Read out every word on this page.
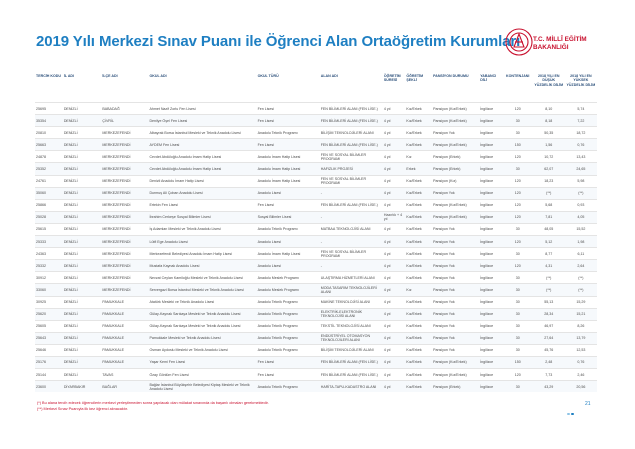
2019 Yılı Merkezi Sınav Puanı ile Öğrenci Alan Ortaöğretim Kurumları T.C. MİLLÎ EĞİTİM
BAKANLIĞI
TERCİH KODU	İL ADI	İLÇE ADI	OKUL ADI	OKUL TÜRÜ	ALAN ADI	ÖĞRETİM SÜRESİ	ÖĞRETİM ŞEKLİ	PANSİYON DURUMU	YABANCI DİLİ	KONTENJANI	2018 YILI EN DÜŞÜK YÜZDELİK DİLİM	2018 YILI EN YÜKSEK YÜZDELİK DİLİM
25695	DENİZLİ	BABADAĞ	Ahmet Nazif Zorlu Fen Lisesi	Fen Lisesi	FEN BİLİMLERİ ALANI (FEN LİSE.)	4 yıl	Kız/Erkek	Pansiyon (Kız/Erkek)	İngilizce	120	8,10	5,74
35354	DENİZLİ	ÇİVRİL	Denilye Öşel Fen Lisesi	Fen Lisesi	FEN BİLİMLERİ ALANI (FEN LİSE.)	4 yıl	Kız/Erkek	Pansiyon (Kız/Erkek)	İngilizce	30	8,18	7,22
20810	DENİZLİ	MERKEZEFENDİ	Albayrak Borsa İstanbul Mesleki ve Teknik Anadolu Lisesi	Anadolu Teknik Programı	BİLİŞİM TEKNOLOJİLERİ ALANI	4 yıl	Kız/Erkek	Pansiyon Yok	İngilizce	30	50,35	18,72
25663	DENİZLİ	MERKEZEFENDİ	AYDEM Fen Lisesi	Fen Lisesi	FEN BİLİMLERİ ALANI (FEN LİSE.)	4 yıl	Kız/Erkek	Pansiyon (Kız/Erkek)	İngilizce	150	1,56	0,76
24878	DENİZLİ	MERKEZEFENDİ	Cevdet Abdüloğlu Anadolu İmam Hatip Lisesi	Anadolu İmam Hatip Lisesi	FEN VE SOSYAL BİLİMLER PROGRAMI	4 yıl	Kız	Pansiyon (Erkek)	İngilizce	120	10,72	13,43
25352	DENİZLİ	MERKEZEFENDİ	Cevdet Abdüloğlu Anadolu İmam Hatip Lisesi	Anadolu İmam Hatip Lisesi	HAFIZLIK PROJESİ	4 yıl	Erkek	Pansiyon (Erkek)	İngilizce	30	62,07	24,65
24761	DENİZLİ	MERKEZEFENDİ	Denizli Anadolu İmam Hatip Lisesi	Anadolu İmam Hatip Lisesi	FEN VE SOSYAL BİLİMLER PROGRAMI	4 yıl	Kız/Erkek	Pansiyon (Kız)	İngilizce	120	18,23	5,98
35060	DENİZLİ	MERKEZEFENDİ	Durmuş Ali Çoban Anadolu Lisesi	Anadolu Lisesi	-	4 yıl	Kız/Erkek	Pansiyon Yok	İngilizce	120	(**)	(**)
25866	DENİZLİ	MERKEZEFENDİ	Ertekin Fen Lisesi	Fen Lisesi	FEN BİLİMLERİ ALANI (FEN LİSE.)	4 yıl	Kız/Erkek	Pansiyon (Kız/Erkek)	İngilizce	120	5,68	0,93
25028	DENİZLİ	MERKEZEFENDİ	İbrahim Cerkeşe Sosyal Bilimler Lisesi	Sosyal Bilimler Lisesi	-	Hazırlık + 4 yıl	Kız/Erkek	Pansiyon (Kız/Erkek)	İngilizce	120	7,81	4,05
25615	DENİZLİ	MERKEZEFENDİ	İş Adamları Mesleki ve Teknik Anadolu Lisesi	Anadolu Teknik Programı	MATBAA TEKNOLOJİSİ ALANI	4 yıl	Kız/Erkek	Pansiyon Yok	İngilizce	30	48,05	15,52
25333	DENİZLİ	MERKEZEFENDİ	Lütfi Ege Anadolu Lisesi	Anadolu Lisesi	-	4 yıl	Kız/Erkek	Pansiyon Yok	İngilizce	120	5,12	1,98
24363	DENİZLİ	MERKEZEFENDİ	Merkezefendi Belediyesi Anadolu İmam Hatip Lisesi	Anadolu İmam Hatip Lisesi	FEN VE SOSYAL BİLİMLER PROGRAMI	4 yıl	Kız/Erkek	Pansiyon Yok	İngilizce	30	8,77	6,11
25332	DENİZLİ	MERKEZEFENDİ	Mustafa Kaynak Anadolu Lisesi	Anadolu Lisesi	-	4 yıl	Kız/Erkek	Pansiyon Yok	İngilizce	120	4,31	2,64
30912	DENİZLİ	MERKEZEFENDİ	Nevzat Ceylan Kamiloğlu Mesleki ve Teknik Anadolu Lisesi	Anadolu Meslek Programı	ULAŞTIRMA HİZMETLERİ ALANI	4 yıl	Kız/Erkek	Pansiyon Yok	İngilizce	30	(**)	(**)
33060	DENİZLİ	MERKEZEFENDİ	Servergazi Borsa İstanbul Mesleki ve Teknik Anadolu Lisesi	Anadolu Meslek Programı	MODA TASARIM TEKNOLOJİLERİ ALANI	4 yıl	Kız	Pansiyon Yok	İngilizce	30	(**)	(**)
30925	DENİZLİ	PAMUKKALE	Atatürk Mesleki ve Teknik Anadolu Lisesi	Anadolu Teknik Programı	MAKİNE TEKNOLOJİSİ ALANI	4 yıl	Kız/Erkek	Pansiyon Yok	İngilizce	30	55,13	15,29
25620	DENİZLİ	PAMUKKALE	Gülay-Kaynak Sarıkaya Mesleki ve Teknik Anadolu Lisesi	Anadolu Teknik Programı	ELEKTRİK-ELEKTRONİK TEKNOLOJİSİ ALANI	4 yıl	Kız/Erkek	Pansiyon Yok	İngilizce	30	28,34	15,21
25605	DENİZLİ	PAMUKKALE	Gülay-Kaynak Sarıkaya Mesleki ve Teknik Anadolu Lisesi	Anadolu Teknik Programı	TEKSTİL TEKNOLOJİSİ ALANI	4 yıl	Kız/Erkek	Pansiyon Yok	İngilizce	30	46,97	8,26
25643	DENİZLİ	PAMUKKALE	Pamukkale Mesleki ve Teknik Anadolu Lisesi	Anadolu Teknik Programı	ENDÜSTRİYEL OTOMASYON TEKNOLOJİLERİ ALANI	4 yıl	Kız/Erkek	Pansiyon Yok	İngilizce	30	27,64	13,79
25646	DENİZLİ	PAMUKKALE	Osman Aydoslu Mesleki ve Teknik Anadolu Lisesi	Anadolu Teknik Programı	BİLİŞİM TEKNOLOJİLERİ ALANI	4 yıl	Kız/Erkek	Pansiyon Yok	İngilizce	30	45,76	12,53
25176	DENİZLİ	PAMUKKALE	Yaşar Kemi Fen Lisesi	Fen Lisesi	FEN BİLİMLERİ ALANI (FEN LİSE.)	4 yıl	Kız/Erkek	Pansiyon (Kız/Erkek)	İngilizce	150	2,48	0,76
25144	DENİZLİ	TAVAS	Özay Gönlüm Fen Lisesi	Fen Lisesi	FEN BİLİMLERİ ALANI (FEN LİSE.)	4 yıl	Kız/Erkek	Pansiyon (Kız/Erkek)	İngilizce	120	7,73	2,46
23600	DİYARBAKIR	BAĞLAR	Bağlar İstanbul Büyükşehir Belediyesi Kiptaş Mesleki ve Teknik Anadolu Lisesi	Anadolu Teknik Programı	HARİTA-TAPU-KADASTRO ALANI	4 yıl	Kız/Erkek	Pansiyon (Erkek)	İngilizce	30	43,29	20,56
(*) Bu alana tercih edecek öğrencilerin merkezi yerleştirmeden sonra yapılacak olan mülakat sınavında da başarılı olmaları gerekmektedir.
(**) Merkezi Sınav Puanıyla ilk kez öğrenci alınacaktır.
21
